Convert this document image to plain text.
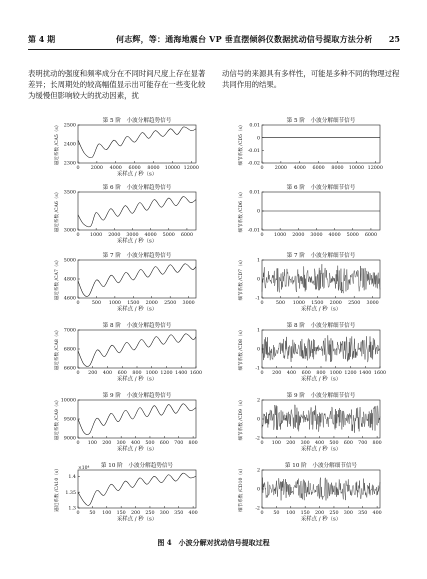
第 4 期	何志辉，等：通海地震台 VP 垂直摆倾斜仪数据扰动信号提取方法分析 25
表明扰动的强度和频率成分在不同时间尺度上存在显著差异；长周期处的较高幅值显示出可能存在一些变化较为缓慢但影响较大的扰动因素，扰
动信号的来源具有多样性，可能是多种不同的物理过程共同作用的结果。
第 5 阶　小波分解趋势信号
0 2000 4000 6000 8000 10000 12000
2300
2400
2500
采样点 / 秒（s）
逼近系数 /CA5（s）
第 5 阶　小波分解细节信号
0 2000 4000 6000 8000 10000 12000
-0.02
-0.01
0
0.01
细节系数 /CD5（s）
第 6 阶　小波分解趋势信号
0 1000 2000 3000 4000 5000 6000
3000
3500
采样点 / 秒（s）
逼近系数 /CA6（s）
第 6 阶　小波分解细节信号
0 1000 2000 3000 4000 5000 6000
-0.01
0
0.01
细节系数 /CD6（s）
第 7 阶　小波分解趋势信号
0	500 1000 1500 2000 2500 3000
4600
4800
5000
采样点 / 秒（s）
逼近系数 /CA7（s）
第 7 阶　小波分解细节信号
0	500 1000 1500 2000 2500 3000
-1
0
1
采样点 / 秒（s）
细节系数 /CD7（s）
第 8 阶　小波分解趋势信号
0 200 400 600 800 1000 1200 1400 1600
6600
6800
7000
采样点 / 秒（s）
逼近系数 /CA8（s）
第 8 阶　小波分解细节信号
0 200 400 600 800 1000 1200 1400 1600
-1
0
1
采样点 / 秒（s）
细节系数 /CD8（s）
第 9 阶　小波分解趋势信号
0 100 200 300 400 500 600 700 800
9000
9500
10000
采样点 / 秒（s）
逼近系数 /CA9（s）
第 9 阶　小波分解细节信号
0 100 200 300 400 500 600 700 800
-2
0
2
采样点 / 秒（s）
细节系数 /CD9（s）
第 10 阶　小波分解趋势信号
0 50 100 150 200 250 300 350 400
1.3
1.35
1.4
×10⁴
采样点 / 秒（s）
逼近系数 /CA10（s）
第 10 阶　小波分解细节信号
0 50 100 150 200 250 300 350 400
-2
0
2
采样点 / 秒（s）
细节系数 /CD10（s）
图 4　小波分解对扰动信号提取过程
